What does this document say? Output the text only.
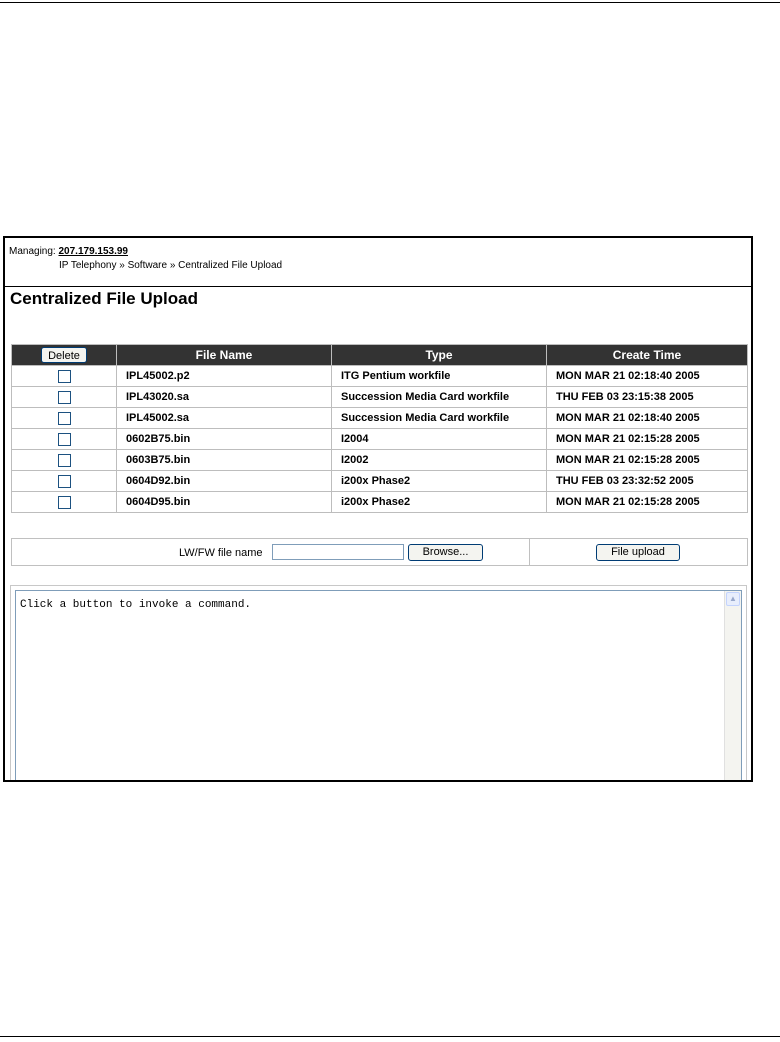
Managing: 207.179.153.99
IP Telephony » Software » Centralized File Upload
Centralized File Upload
Delete	File Name	Type	Create Time
	IPL45002.p2	ITG Pentium workfile	MON MAR 21 02:18:40 2005
	IPL43020.sa	Succession Media Card workfile	THU FEB 03 23:15:38 2005
	IPL45002.sa	Succession Media Card workfile	MON MAR 21 02:18:40 2005
	0602B75.bin	I2004	MON MAR 21 02:15:28 2005
	0603B75.bin	I2002	MON MAR 21 02:15:28 2005
	0604D92.bin	i200x Phase2	THU FEB 03 23:32:52 2005
	0604D95.bin	i200x Phase2	MON MAR 21 02:15:28 2005
LW/FW file name	Browse...	File upload
Click a button to invoke a command.
▲
